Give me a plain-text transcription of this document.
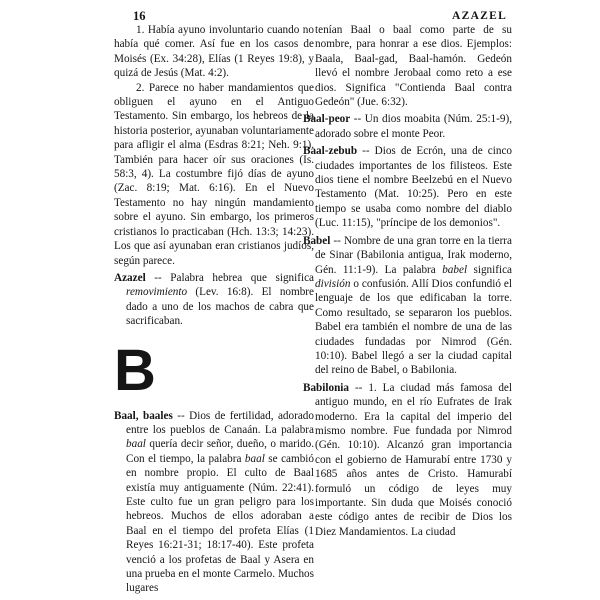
16	AZAZEL

1. Había ayuno involuntario cuando no había qué comer. Así fue en los casos de Moisés (Ex. 34:28), Elías (1 Reyes 19:8), y quizá de Jesús (Mat. 4:2).

2. Parece no haber mandamientos que obliguen el ayuno en el Antiguo Testamento. Sin embargo, los hebreos de la historia posterior, ayunaban voluntariamente para afligir el alma (Esdras 8:21; Neh. 9:1). También para hacer oír sus oraciones (Is. 58:3, 4). La costumbre fijó días de ayuno (Zac. 8:19; Mat. 6:16). En el Nuevo Testamento no hay ningún mandamiento sobre el ayuno. Sin embargo, los primeros cristianos lo practicaban (Hch. 13:3; 14:23). Los que así ayunaban eran cristianos judíos, según parece.

Azazel -- Palabra hebrea que significa removimiento (Lev. 16:8). El nombre dado a uno de los machos de cabra que sacrificaban.

B

Baal, baales -- Dios de fertilidad, adorado entre los pueblos de Canaán. La palabra baal quería decir señor, dueño, o marido. Con el tiempo, la palabra baal se cambió en nombre propio. El culto de Baal existía muy antiguamente (Núm. 22:41). Este culto fue un gran peligro para los hebreos. Muchos de ellos adoraban a Baal en el tiempo del profeta Elías (1 Reyes 16:21-31; 18:17-40). Este profeta venció a los profetas de Baal y Asera en una prueba en el monte Carmelo. Muchos lugares

tenían Baal o baal como parte de su nombre, para honrar a ese dios. Ejemplos: Baala, Baal-gad, Baal-hamón. Gedeón llevó el nombre Jerobaal como reto a ese dios. Significa "Contienda Baal contra Gedeón" (Jue. 6:32).

Baal-peor -- Un dios moabita (Núm. 25:1-9), adorado sobre el monte Peor.

Baal-zebub -- Dios de Ecrón, una de cinco ciudades importantes de los filisteos. Este dios tiene el nombre Beelzebú en el Nuevo Testamento (Mat. 10:25). Pero en este tiempo se usaba como nombre del diablo (Luc. 11:15), "príncipe de los demonios".

Babel -- Nombre de una gran torre en la tierra de Sinar (Babilonia antigua, Irak moderno, Gén. 11:1-9). La palabra babel significa división o confusión. Allí Dios confundió el lenguaje de los que edificaban la torre. Como resultado, se separaron los pueblos. Babel era también el nombre de una de las ciudades fundadas por Nimrod (Gén. 10:10). Babel llegó a ser la ciudad capital del reino de Babel, o Babilonia.

Babilonia -- 1. La ciudad más famosa del antiguo mundo, en el río Eufrates de Irak moderno. Era la capital del imperio del mismo nombre. Fue fundada por Nimrod (Gén. 10:10). Alcanzó gran importancia con el gobierno de Hamurabí entre 1730 y 1685 años antes de Cristo. Hamurabí formuló un código de leyes muy importante. Sin duda que Moisés conoció este código antes de recibir de Dios los Diez Mandamientos. La ciudad
